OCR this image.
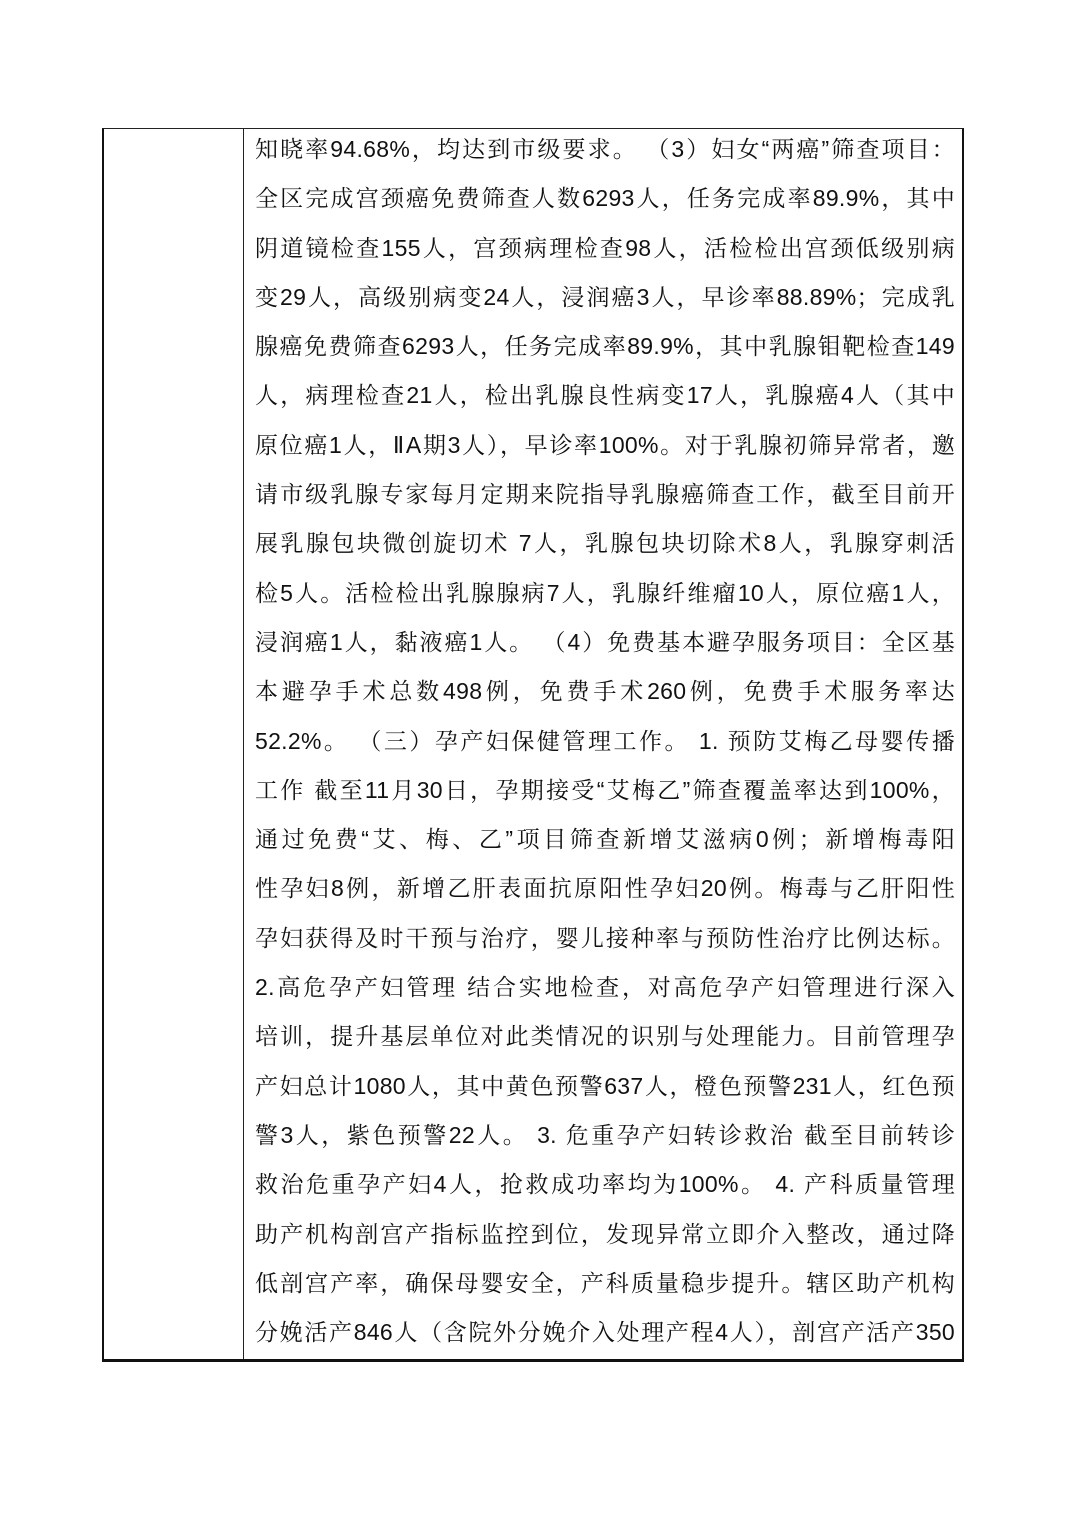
知晓率94.68%，均达到市级要求。 （3）妇女“两癌”筛查项目：
全区完成宫颈癌免费筛查人数6293人，任务完成率89.9%，其中
阴道镜检查155人，宫颈病理检查98人，活检检出宫颈低级别病
变29人，高级别病变24人，浸润癌3人，早诊率88.89%；完成乳
腺癌免费筛查6293人，任务完成率89.9%，其中乳腺钼靶检查149
人，病理检查21人，检出乳腺良性病变17人，乳腺癌4人（其中
原位癌1人，ⅡA期3人），早诊率100%。对于乳腺初筛异常者，邀
请市级乳腺专家每月定期来院指导乳腺癌筛查工作，截至目前开
展乳腺包块微创旋切术 7人，乳腺包块切除术8人，乳腺穿刺活
检5人。活检检出乳腺腺病7人，乳腺纤维瘤10人，原位癌1人，
浸润癌1人，黏液癌1人。 （4）免费基本避孕服务项目：全区基
本避孕手术总数498例，免费手术260例，免费手术服务率达
52.2%。 （三）孕产妇保健管理工作。 1. 预防艾梅乙母婴传播
工作 截至11月30日，孕期接受“艾梅乙”筛查覆盖率达到100%，
通过免费“艾、梅、乙”项目筛查新增艾滋病0例；新增梅毒阳
性孕妇8例，新增乙肝表面抗原阳性孕妇20例。梅毒与乙肝阳性
孕妇获得及时干预与治疗，婴儿接种率与预防性治疗比例达标。
2.高危孕产妇管理 结合实地检查，对高危孕产妇管理进行深入
培训，提升基层单位对此类情况的识别与处理能力。目前管理孕
产妇总计1080人，其中黄色预警637人，橙色预警231人，红色预
警3人，紫色预警22人。 3. 危重孕产妇转诊救治 截至目前转诊
救治危重孕产妇4人，抢救成功率均为100%。 4. 产科质量管理
助产机构剖宫产指标监控到位，发现异常立即介入整改，通过降
低剖宫产率，确保母婴安全，产科质量稳步提升。辖区助产机构
分娩活产846人（含院外分娩介入处理产程4人），剖宫产活产350
